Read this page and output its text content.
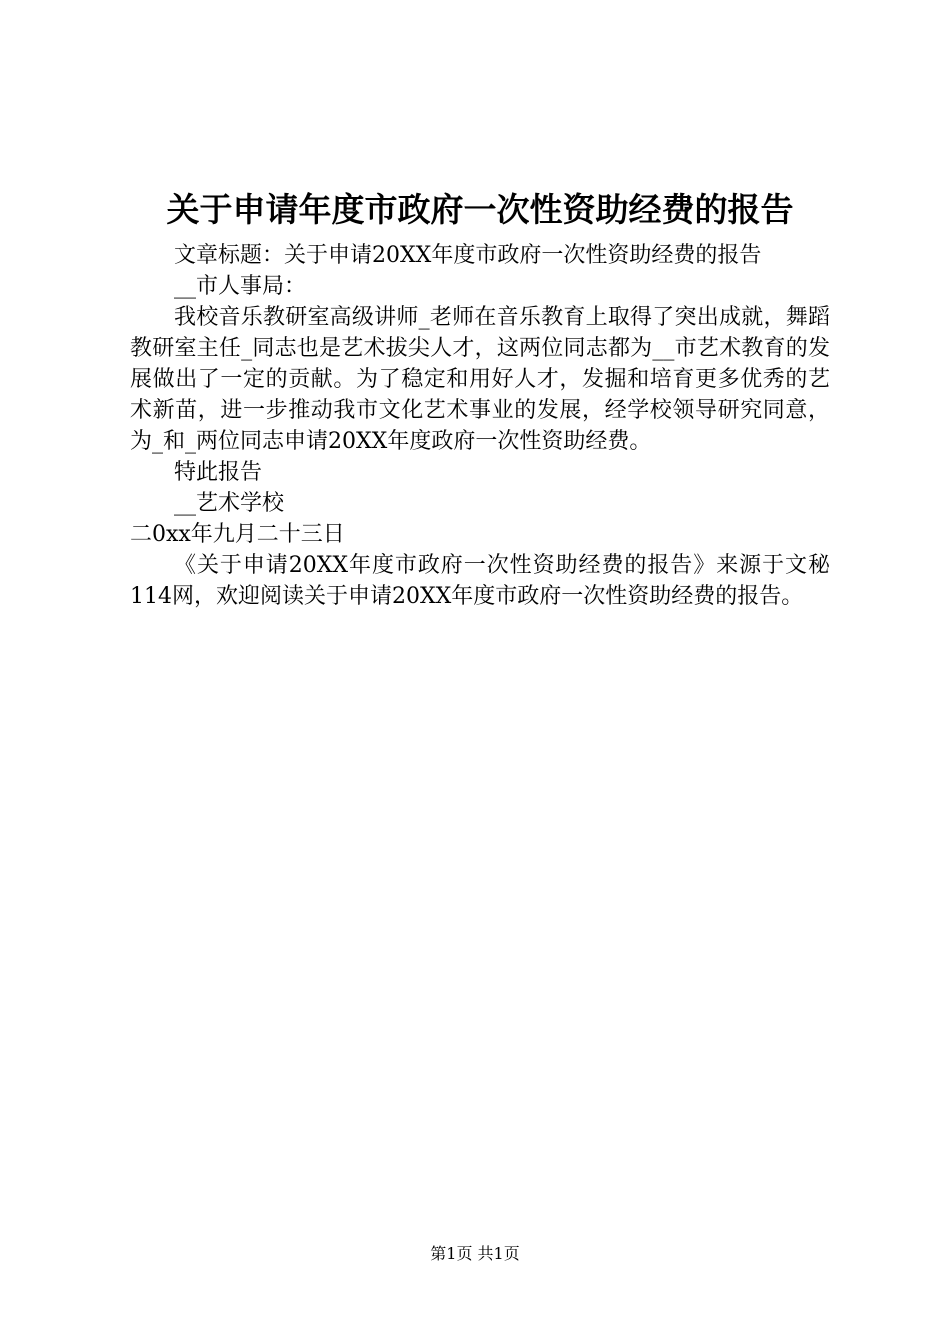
关于申请年度市政府一次性资助经费的报告

文章标题：关于申请20XX年度市政府一次性资助经费的报告

__市人事局：

我校音乐教研室高级讲师_老师在音乐教育上取得了突出成就，舞蹈教研室主任_同志也是艺术拔尖人才，这两位同志都为__市艺术教育的发展做出了一定的贡献。为了稳定和用好人才，发掘和培育更多优秀的艺术新苗，进一步推动我市文化艺术事业的发展，经学校领导研究同意，为_和_两位同志申请20XX年度政府一次性资助经费。

特此报告

__艺术学校

二0xx年九月二十三日

《关于申请20XX年度市政府一次性资助经费的报告》来源于文秘114网，欢迎阅读关于申请20XX年度市政府一次性资助经费的报告。

第1页 共1页
